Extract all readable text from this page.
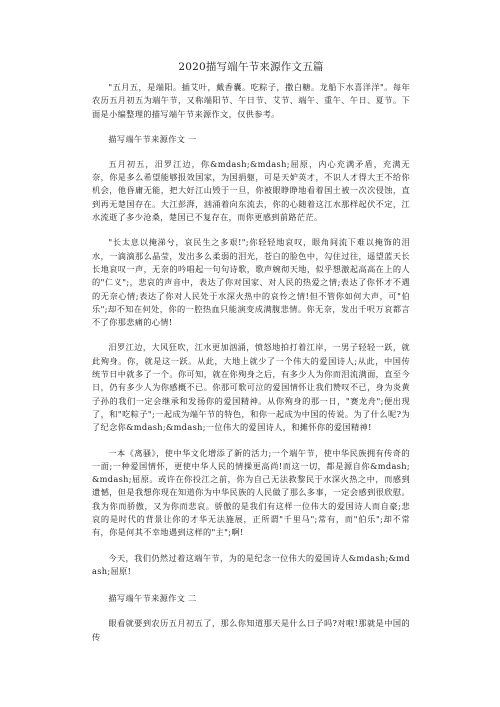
2020描写端午节来源作文五篇

"五月五，是端阳。插艾叶，戴香囊。吃粽子，撒白糖。龙船下水喜洋洋"。每年农历五月初五为端午节，又称端阳节、午日节、艾节、端午、重午、午日、夏节。下面是小编整理的描写端午节来源作文，仅供参考。

描写端午节来源作文 一

五月初五，汨罗江边，你&mdash;&mdash;屈原，内心充满矛盾，充满无奈，你是多么希望能够报效国家，为国捐躯，可是天妒英才，不识人才得大王不给你机会，他昏庸无能，把大好江山毁于一旦，你被眼睁睁地看着国土被一次次侵蚀，直到再无楚国存在。大江彭湃，汹涌着向东流去，你的心随着这江水那样起伏不定，江水流逝了多少沧桑，楚国已不复存在，而你更感到前路茫茫。

"长太息以掩涕兮，哀民生之多艰!";你轻轻地哀叹，眼角间流下难以掩饰的泪水，一滴滴那么晶莹，发出多么柔弱的泪光，苍白的脸色中，勾住过往，遥望蓝天长长地哀叹一声，无奈的吟唱起一句句诗歌，歌声婉彻天地，似乎想激起高高在上的人的"仁义";，悲哀的声音中，表达了你对国家、对人民的热爱之情;表达了你怀才不遇的无奈心情;表达了你对人民处于水深火热中的哀怜之情!但不管你如何大声，可"伯乐";却不知在何处，你的一腔热血只能演变成满腹悲情。你无奈，发出千呎万哀都言不了你那悲痛的心情!

汨罗江边，大风狂吹，江水更加汹涌，愤怒地拍打着江岸，一男子轻轻一跃，就此殉身。你，就是这一跃。从此，大地上就少了一个伟大的爱国诗人;从此，中国传统节日中就多了一个。你可知，就在你殉身之后，有多少人为你而泪流满面，直至今日，仍有多少人为你感概不已。你那可歌可泣的爱国情怀让我们赞叹不已，身为炎黄子孙的我们一定会继承和发扬你的爱国精神。从你殉身的那一日，"赛龙舟";便出现了，和"吃粽子";一起成为端午节的特色，和你一起成为中国的传说。为了什么呢?为了纪念你&mdash;&mdash;一位伟大的爱国诗人，和摊怀你的爱国精神!

一本《离骚》，使中华文化增添了新的活力;一个端午节，使中华民族拥有传奇的一面;一种爱国情怀，更使中华人民的情操更高尚!而这一切，都是源自你&mdash;&mdash;屈原。或许在你投江之前，你为自己无法救黎民于水深火热之中，而感到遗憾，但是我想你现在知道你为中华民族的人民做了那么多事，一定会感到很欣慰。我为你而骄傲，又为你而悲哀。骄傲的是我们有这样一位伟大的爱国诗人而自豪;悲哀的是时代的背景让你的才华无法施展，正所谓"千里马";常有，而"伯乐";却不常有，你是何其不幸地遇到这样的"主";啊!

今天，我们仍然过着这端午节，为的是纪念一位伟大的爱国诗人&mdash;&mdash;屈原!

描写端午节来源作文 二

眼看就要到农历五月初五了，那么你知道那天是什么日子吗?对啦!那就是中国的传
